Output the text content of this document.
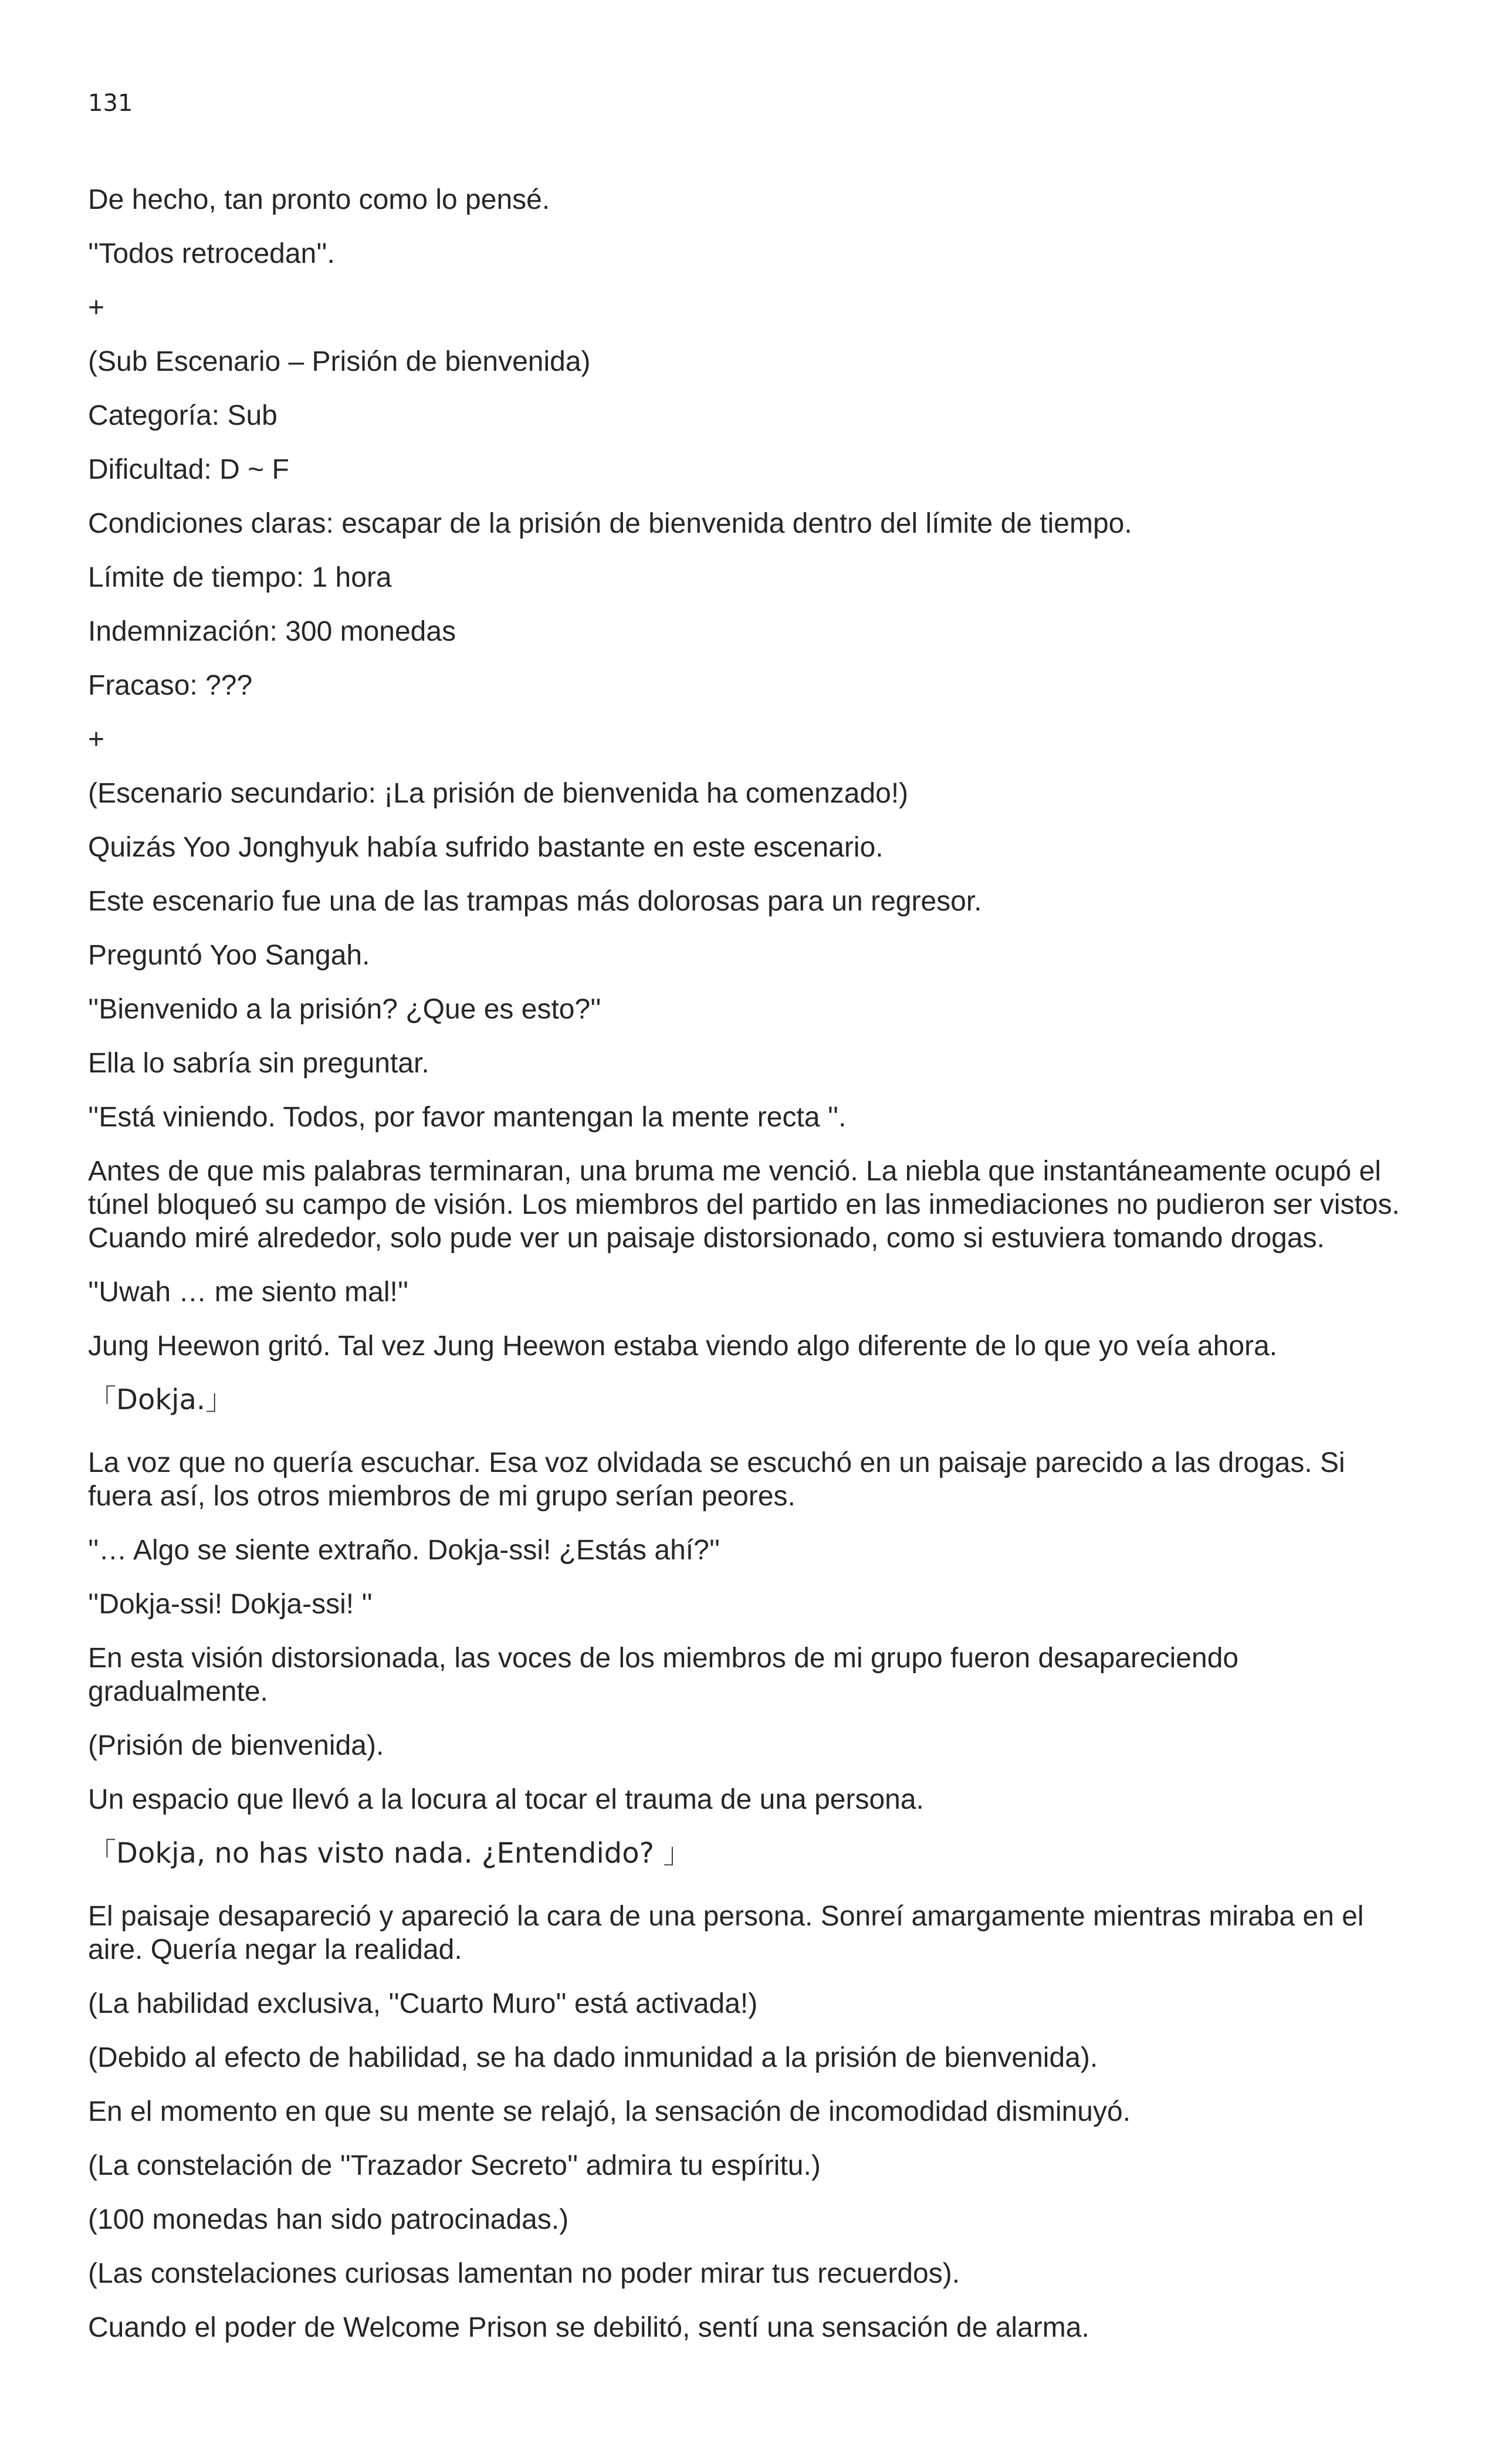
131

De hecho, tan pronto como lo pensé.

''Todos retrocedan''.

+

(Sub Escenario – Prisión de bienvenida)

Categoría: Sub

Dificultad: D ~ F

Condiciones claras: escapar de la prisión de bienvenida dentro del límite de tiempo.

Límite de tiempo: 1 hora

Indemnización: 300 monedas

Fracaso: ???

+

(Escenario secundario: ¡La prisión de bienvenida ha comenzado!)

Quizás Yoo Jonghyuk había sufrido bastante en este escenario.

Este escenario fue una de las trampas más dolorosas para un regresor.

Preguntó Yoo Sangah.

''Bienvenido a la prisión? ¿Que es esto?''

Ella lo sabría sin preguntar.

''Está viniendo. Todos, por favor mantengan la mente recta ''.

Antes de que mis palabras terminaran, una bruma me venció. La niebla que instantáneamente ocupó el túnel bloqueó su campo de visión. Los miembros del partido en las inmediaciones no pudieron ser vistos. Cuando miré alrededor, solo pude ver un paisaje distorsionado, como si estuviera tomando drogas.

''Uwah … me siento mal!''

Jung Heewon gritó. Tal vez Jung Heewon estaba viendo algo diferente de lo que yo veía ahora.

「Dokja.」

La voz que no quería escuchar. Esa voz olvidada se escuchó en un paisaje parecido a las drogas. Si fuera así, los otros miembros de mi grupo serían peores.

''… Algo se siente extraño. Dokja-ssi! ¿Estás ahí?''

''Dokja-ssi! Dokja-ssi! ''

En esta visión distorsionada, las voces de los miembros de mi grupo fueron desapareciendo gradualmente.

(Prisión de bienvenida).

Un espacio que llevó a la locura al tocar el trauma de una persona.

「Dokja, no has visto nada. ¿Entendido? 」

El paisaje desapareció y apareció la cara de una persona. Sonreí amargamente mientras miraba en el aire. Quería negar la realidad.

(La habilidad exclusiva, ''Cuarto Muro'' está activada!)

(Debido al efecto de habilidad, se ha dado inmunidad a la prisión de bienvenida).

En el momento en que su mente se relajó, la sensación de incomodidad disminuyó.

(La constelación de ''Trazador Secreto'' admira tu espíritu.)

(100 monedas han sido patrocinadas.)

(Las constelaciones curiosas lamentan no poder mirar tus recuerdos).

Cuando el poder de Welcome Prison se debilitó, sentí una sensación de alarma.
